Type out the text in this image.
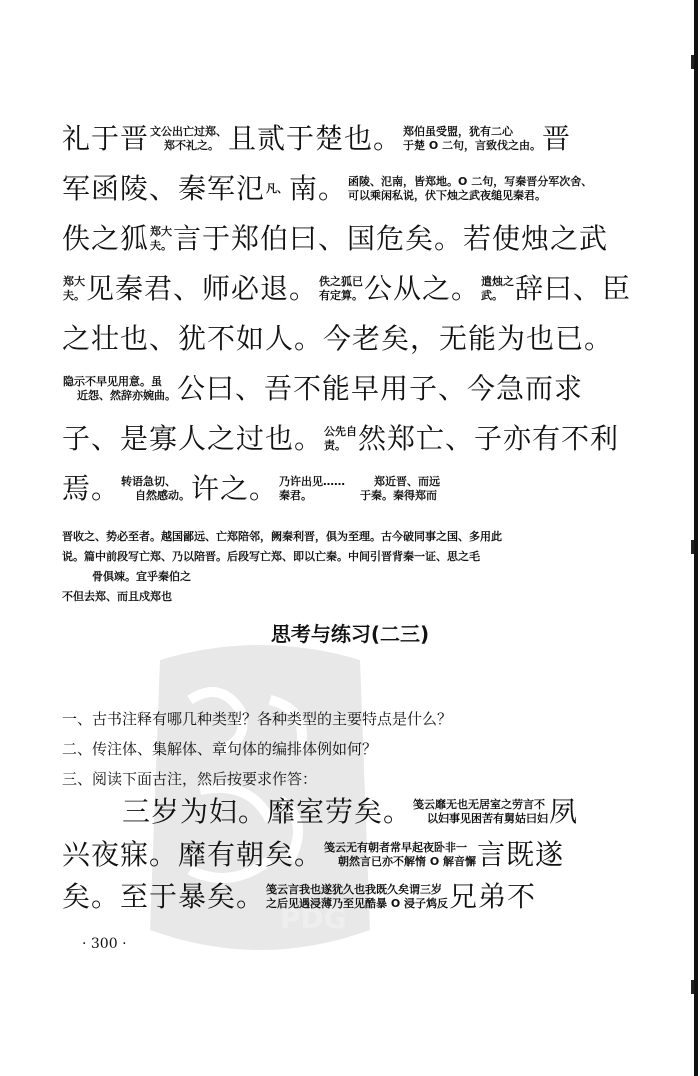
PDG
礼于晋 文公出亡过郑、
郑不礼之。 且贰于楚也。 郑伯虽受盟，犹有二心
于楚 O 二句，言致伐之由。 晋
军函陵、秦军氾 凡、 南。 函陵、氾南，皆郑地。O 二句，写秦晋分军次舍、
可以乘闲私说，伏下烛之武夜缒见秦君。
佚之狐 郑大
夫。 言于郑伯曰、国危矣。若使烛之武
郑大
夫。 见秦君、师必退。 佚之狐已
有定算。 公从之。 遣烛之
武。 辞曰、臣
之壮也、犹不如人。今老矣，无能为也已。
隐示不早见用意。虽
近怨、然辞亦婉曲。 公曰、吾不能早用子、今急而求
子、是寡人之过也。 公先自
责。 然郑亡、子亦有不利
焉。 转语急切、
自然感动。 许之。 乃许出见……
秦君。
郑近晋、而远
于秦。秦得郑而
晋收之、势必至者。越国鄙远、亡郑陪邻，阙秦利晋，俱为至理。古今破同事之国、多用此
说。篇中前段写亡郑、乃以陪晋。后段写亡郑、即以亡秦。中间引晋背秦一证、思之毛
骨俱竦。宜乎秦伯之
不但去郑、而且戍郑也
思考与练习(二三)
一、古书注释有哪几种类型？各种类型的主要特点是什么？
二、传注体、集解体、章句体的编排体例如何？
三、阅读下面古注，然后按要求作答：
三岁为妇。靡室劳矣。 笺云靡无也无居室之劳言不
以妇事见困苦有舅姑曰妇 夙
兴夜寐。靡有朝矣。 笺云无有朝者常早起夜卧非一
朝然言已亦不解惰 O 解音懈 言既遂
矣。至于暴矣。 笺云言我也遂犹久也我既久矣谓三岁
之后见遇浸薄乃至见酷暴 O 浸子鸩反 兄弟不
· 300 ·
